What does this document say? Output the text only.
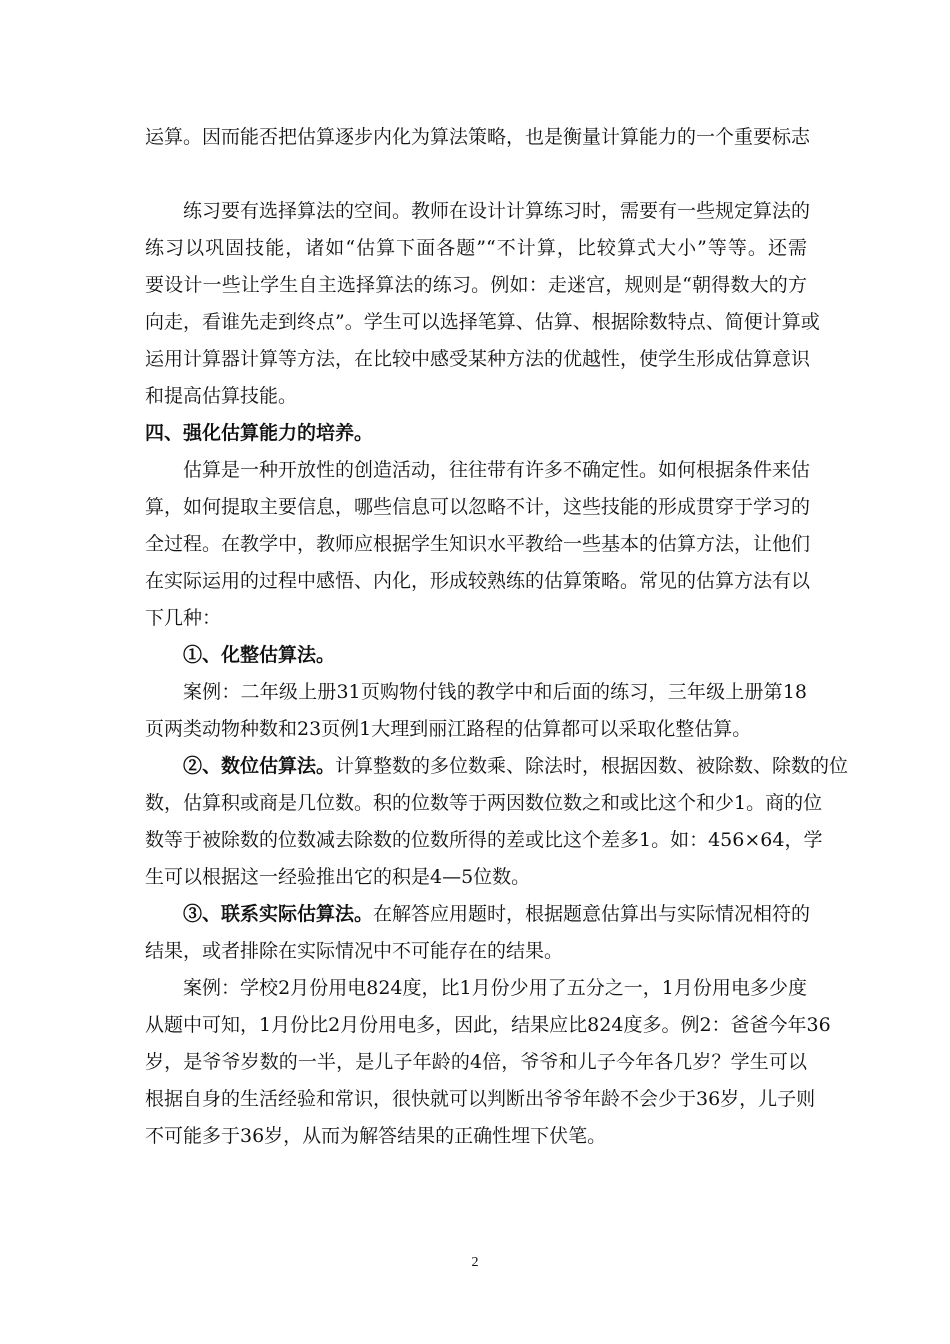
运算。因而能否把估算逐步内化为算法策略，也是衡量计算能力的一个重要标志
练习要有选择算法的空间。教师在设计计算练习时，需要有一些规定算法的
练习以巩固技能，诸如“估算下面各题”“不计算，比较算式大小”等等。还需
要设计一些让学生自主选择算法的练习。例如：走迷宫，规则是“朝得数大的方
向走，看谁先走到终点”。学生可以选择笔算、估算、根据除数特点、简便计算或
运用计算器计算等方法，在比较中感受某种方法的优越性，使学生形成估算意识
和提高估算技能。
四、强化估算能力的培养。
估算是一种开放性的创造活动，往往带有许多不确定性。如何根据条件来估
算，如何提取主要信息，哪些信息可以忽略不计，这些技能的形成贯穿于学习的
全过程。在教学中，教师应根据学生知识水平教给一些基本的估算方法，让他们
在实际运用的过程中感悟、内化，形成较熟练的估算策略。常见的估算方法有以
下几种：
①、化整估算法。
案例：二年级上册31页购物付钱的教学中和后面的练习，三年级上册第18
页两类动物种数和23页例1大理到丽江路程的估算都可以采取化整估算。
②、数位估算法。计算整数的多位数乘、除法时，根据因数、被除数、除数的位
数，估算积或商是几位数。积的位数等于两因数位数之和或比这个和少1。商的位
数等于被除数的位数减去除数的位数所得的差或比这个差多1。如：456×64，学
生可以根据这一经验推出它的积是4—5位数。
③、联系实际估算法。在解答应用题时，根据题意估算出与实际情况相符的
结果，或者排除在实际情况中不可能存在的结果。
案例：学校2月份用电824度，比1月份少用了五分之一，1月份用电多少度
从题中可知，1月份比2月份用电多，因此，结果应比824度多。例2：爸爸今年36
岁，是爷爷岁数的一半，是儿子年龄的4倍，爷爷和儿子今年各几岁？学生可以
根据自身的生活经验和常识，很快就可以判断出爷爷年龄不会少于36岁，儿子则
不可能多于36岁，从而为解答结果的正确性埋下伏笔。
2
